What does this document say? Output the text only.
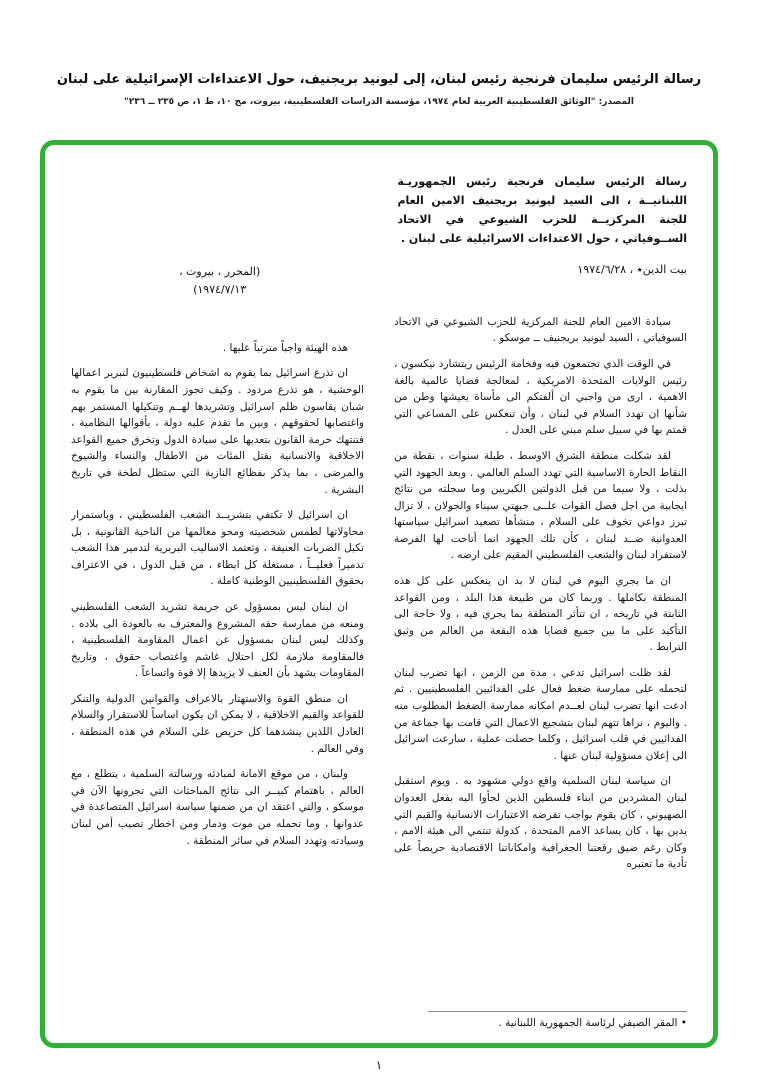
رسالة الرئيس سليمان فرنجية رئيس لبنان، إلى ليونيد بريجنيف، حول الاعتداءات الإسرائيلية على لبنان
المصدر: "الوثائق الفلسطينية العربية لعام ١٩٧٤، مؤسسة الدراسات الفلسطينية، بيروت، مج ١٠، ط ١، ص ٢٣٥ ــ ٢٣٦"
رسالة الرئيس سليمان فرنجية رئيس الجمهوريـة اللبنانيــة ، الى السيد ليونيد بريجنيف الامين العام للجنة المركزيــة للحزب الشيوعي في الاتحاد الســوفياتي ، حول الاعتداءات الاسرائيلية على لبنان .
بيت الدين٭ ، ١٩٧٤/٦/٢٨
(المحرر ، بيروت ،
١٩٧٤/٧/١٣)

سيادة الامين العام للجنة المركزية للحزب الشيوعي في الاتحاد السوفياتي ، السيد ليونيد بريجنيف ــ موسكو .

في الوقت الذي تجتمعون فيه وفخامة الرئيس ريتشارد نيكسون ، رئيس الولايات المتحدة الامريكية ، لمعالجة قضايا عالمية بالغة الاهمية ، ارى من واجبي ان ألفتكم الى مأساة يعيشها وطن من شأنها ان تهدد السلام في لبنان ، وأن تنعكس على المساعي التي قمتم بها في سبيل سلم مبني على العدل .

لقد شكلت منطقة الشرق الاوسط ، طيلة سنوات ، نقطة من النقاط الحارة الاساسية التي تهدد السلم العالمي . وبعد الجهود التي بذلت ، ولا سيما من قبل الدولتين الكبريين وما سجلته من نتائج ايجابية من اجل فصل القوات علــى جبهتي سيناء والجولان ، لا تزال تبرز دواعي تخوف على السلام ، منشأها تصعيد اسرائيل سياستها العدوانية ضــد لبنان ، كأن تلك الجهود انما أتاحت لها الفرصة لاستفراد لبنان والشعب الفلسطيني المقيم على ارضه .

ان ما يجري اليوم في لبنان لا بد ان ينعكس على كل هذه المنطقة بكاملها . وربما كان من طبيعة هذا البلد ، ومن القواعد الثابتة في تاريخه ، ان تتأثر المنطقة بما يجري فيه ، ولا حاجة الى التأكيد على ما بين جميع قضايا هذه البقعة من العالم من وثيق الترابط .

لقد ظلت اسرائيل تدعي ، مدة من الزمن ، انها تضرب لبنان لتحمله على ممارسة ضغط فعال على الفدائيين الفلسطينيين . ثم ادعت انها تضرب لبنان لعــدم امكانه ممارسة الضغط المطلوب منه . واليوم ، نراها تتهم لبنان بتشجيع الاعمال التي قامت بها جماعة من الفدائيين في قلب اسرائيل ، وكلما حصلت عملية ، سارعت اسرائيل الى إعلان مسؤولية لبنان عنها .

ان سياسة لبنان السلمية واقع دولي مشهود به . ويوم استقبل لبنان المشردين من ابناء فلسطين الذين لجأوا اليه بفعل العدوان الصهيوني ، كان يقوم بواجب تفرضه الاعتبارات الانسانية والقيم التي يدين بها ، كان يساعد الامم المتحدة ، كدولة تنتمي الى هيئة الامم ، وكان رغم ضيق رقعتنا الجغرافية وامكاناتنا الاقتصادية حريصاً على تأدية ما تعتبره

هذه الهيئة واجباً مترتباً عليها .

ان تذرع اسرائيل بما يقوم به اشخاص فلسطينيون لتبرير اعمالها الوحشية ، هو تذرع مردود . وكيف تجوز المقارنة بين ما يقوم به شبان يقاسون ظلم اسرائيل وتشريدها لهــم وتنكيلها المستمر بهم واغتصابها لحقوقهم ، وبين ما تقدم عليه دولة ، بأقوالها النظامية ، فتنتهك حرمة القانون بتعديها على سيادة الدول وتخرق جميع القواعد الاخلاقية والانسانية بقتل المئات من الاطفال والنساء والشيوخ والمرضى ، بما يذكر بفظائع النازية التي ستظل لطخة في تاريخ البشرية .

ان اسرائيل لا تكتفي بتشريــد الشعب الفلسطيني ، وباستمرار محاولاتها لطمس شخصيته ومحو معالمها من الناحية القانونية ، بل تكيل الضربات العنيفة ، وتعتمد الاساليب البربرية لتدمير هذا الشعب تدميراً فعليــاً ، مستغلة كل ابطاء ، من قبل الدول ، في الاعتراف بحقوق الفلسطينيين الوطنية كاملة .

ان لبنان ليس بمسؤول عن جريمة تشريد الشعب الفلسطيني ومنعه من ممارسة حقه المشروع والمعترف به بالعودة الى بلاده . وكذلك ليس لبنان بمسؤول عن اعمال المقاومة الفلسطينية ، فالمقاومة ملازمة لكل احتلال غاشم واغتصاب حقوق ، وتاريخ المقاومات يشهد بأن العنف لا يزيدها إلا قوة واتساعاً .

ان منطق القوة والاستهتار بالاعراف والقوانين الدولية والتنكر للقواعد والقيم الاخلاقية ، لا يمكن ان يكون اساساً للاستقرار والسلام العادل اللذين ينشدهما كل حريص على السلام في هذه المنطقة ، وفي العالم .

ولبنان ، من موقع الامانة لمبادئه ورسالته السلمية ، يتطلع ، مع العالم ، باهتمام كبيــر الى نتائج المباحثات التي تجرونها الآن في موسكو ، والتي اعتقد ان من ضمنها سياسة اسرائيل المتصاعدة في عدوانها ، وما تحمله من موت ودمار ومن اخطار تصيب أمن لبنان وسيادته وتهدد السلام في سائر المنطقة .

• المقر الصيفي لرئاسة الجمهورية اللبنانية .
١
